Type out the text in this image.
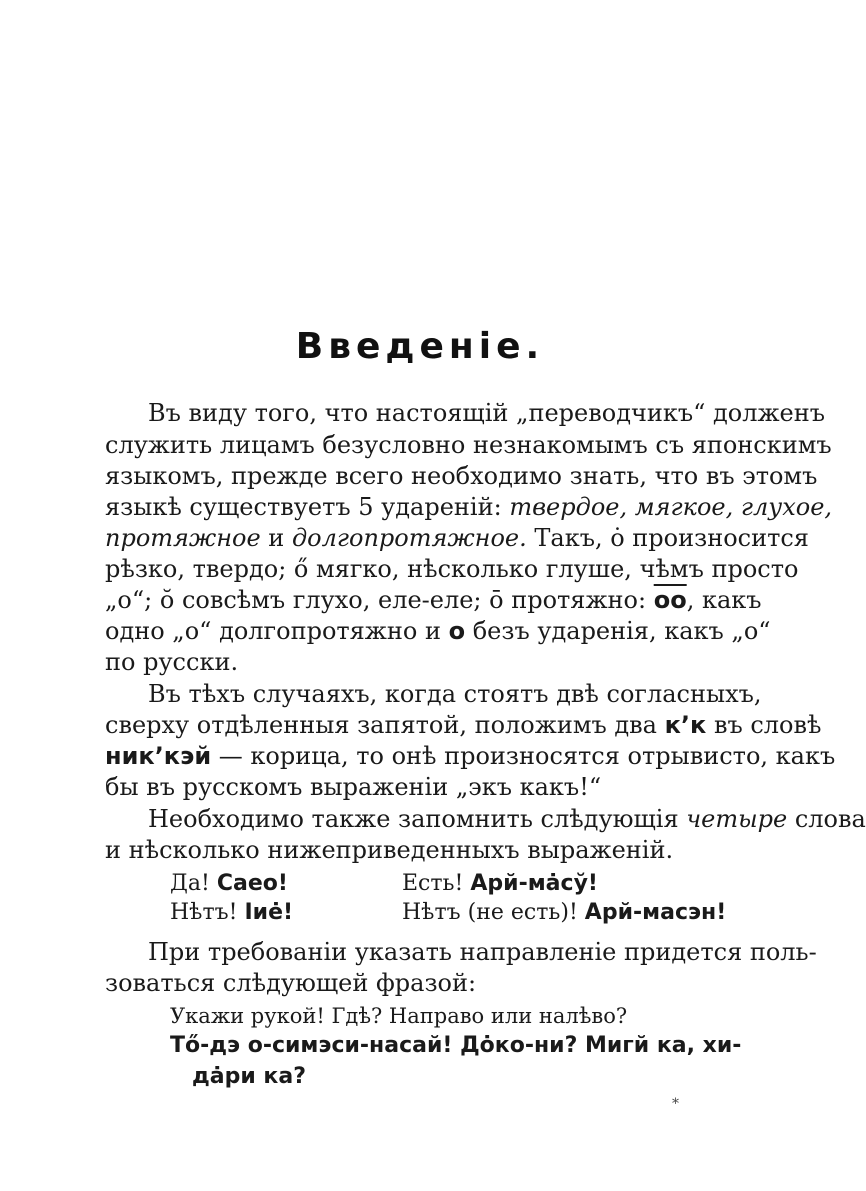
Введеніе.
Въ виду того, что настоящій „переводчикъ“ долженъ
служить лицамъ безусловно незнакомымъ съ японскимъ
языкомъ, прежде всего необходимо знать, что въ этомъ
языкѣ существуетъ 5 удареній: твердое, мягкое, глухое,
протяжное и долгопротяжное. Такъ, ȯ произносится
рѣзко, твердо; ő мягко, нѣсколько глуше, чѣмъ просто
„о“; ŏ совсѣмъ глухо, еле-еле; ō протяжно: оо, какъ
одно „о“ долгопротяжно и о безъ ударенія, какъ „о“
по русски.
Въ тѣхъ случаяхъ, когда стоятъ двѣ согласныхъ,
сверху отдѣленныя запятой, положимъ два к’к въ словѣ
ник’кэй — корица, то онѣ произносятся отрывисто, какъ
бы въ русскомъ выраженіи „экъ какъ!“
Необходимо также запомнить слѣдующія четыре слова
и нѣсколько нижеприведенныхъ выраженій.
Да! Саео!	Есть! Арй-мȧсў!
Нѣтъ! Іиė!	Нѣтъ (не есть)! Арй-масэн!
При требованіи указать направленіе придется поль-
зоваться слѣдующей фразой:
Укажи рукой! Гдѣ? Направо или налѣво?
Тő-дэ о-симэси-насай! Дȯко-ни? Мигй ка, хи-
дȧри ка?
*
